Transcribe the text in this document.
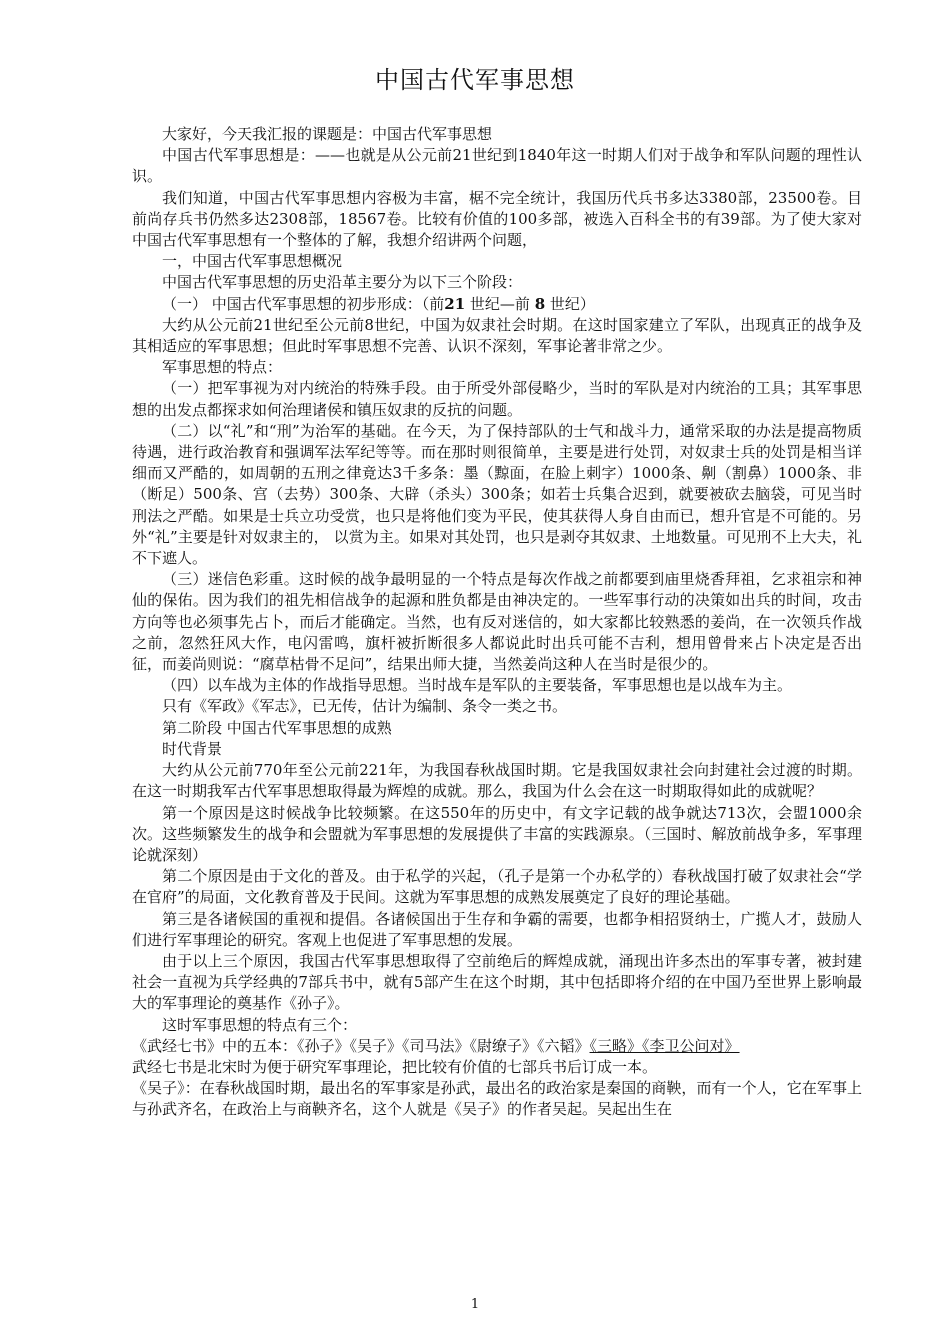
中国古代军事思想

大家好，今天我汇报的课题是：中国古代军事思想

中国古代军事思想是：——也就是从公元前21世纪到1840年这一时期人们对于战争和军队问题的理性认识。

我们知道，中国古代军事思想内容极为丰富，椐不完全统计，我国历代兵书多达3380部，23500卷。目前尚存兵书仍然多达2308部，18567卷。比较有价值的100多部，被选入百科全书的有39部。为了使大家对中国古代军事思想有一个整体的了解，我想介绍讲两个问题，

一，中国古代军事思想概况

中国古代军事思想的历史沿革主要分为以下三个阶段：

（一） 中国古代军事思想的初步形成：（前21 世纪—前 8 世纪）

大约从公元前21世纪至公元前8世纪，中国为奴隶社会时期。在这时国家建立了军队，出现真正的战争及其相适应的军事思想；但此时军事思想不完善、认识不深刻，军事论著非常之少。

军事思想的特点：

（一）把军事视为对内统治的特殊手段。由于所受外部侵略少，当时的军队是对内统治的工具；其军事思想的出发点都探求如何治理诸侯和镇压奴隶的反抗的问题。

（二）以“礼”和“刑”为治军的基础。在今天，为了保持部队的士气和战斗力，通常采取的办法是提高物质待遇，进行政治教育和强调军法军纪等等。而在那时则很简单，主要是进行处罚，对奴隶士兵的处罚是相当详细而又严酷的，如周朝的五刑之律竟达3千多条：墨（黥面，在脸上刺字）1000条、劓（割鼻）1000条、非（断足）500条、宫（去势）300条、大辟（杀头）300条；如若士兵集合迟到，就要被砍去脑袋，可见当时刑法之严酷。如果是士兵立功受赏，也只是将他们变为平民，使其获得人身自由而已，想升官是不可能的。另外“礼”主要是针对奴隶主的， 以赏为主。如果对其处罚，也只是剥夺其奴隶、土地数量。可见刑不上大夫，礼不下遮人。

（三）迷信色彩重。这时候的战争最明显的一个特点是每次作战之前都要到庙里烧香拜祖，乞求祖宗和神仙的保佑。因为我们的祖先相信战争的起源和胜负都是由神决定的。一些军事行动的决策如出兵的时间，攻击方向等也必须事先占卜，而后才能确定。当然，也有反对迷信的，如大家都比较熟悉的姜尚，在一次领兵作战之前，忽然狂风大作，电闪雷鸣，旗杆被折断很多人都说此时出兵可能不吉利，想用曾骨来占卜决定是否出征，而姜尚则说：“腐草枯骨不足问”，结果出师大捷，当然姜尚这种人在当时是很少的。

（四）以车战为主体的作战指导思想。当时战车是军队的主要装备，军事思想也是以战车为主。

只有《军政》《军志》，已无传，估计为编制、条令一类之书。

第二阶段 中国古代军事思想的成熟

时代背景

大约从公元前770年至公元前221年，为我国春秋战国时期。它是我国奴隶社会向封建社会过渡的时期。在这一时期我军古代军事思想取得最为辉煌的成就。那么，我国为什么会在这一时期取得如此的成就呢？

第一个原因是这时候战争比较频繁。在这550年的历史中，有文字记载的战争就达713次，会盟1000余次。这些频繁发生的战争和会盟就为军事思想的发展提供了丰富的实践源泉。（三国时、解放前战争多，军事理论就深刻）

第二个原因是由于文化的普及。由于私学的兴起，（孔子是第一个办私学的）春秋战国打破了奴隶社会“学在官府”的局面，文化教育普及于民间。这就为军事思想的成熟发展奠定了良好的理论基础。

第三是各诸候国的重视和提倡。各诸候国出于生存和争霸的需要，也都争相招贤纳士，广揽人才，鼓励人们进行军事理论的研究。客观上也促进了军事思想的发展。

由于以上三个原因，我国古代军事思想取得了空前绝后的辉煌成就，涌现出许多杰出的军事专著，被封建社会一直视为兵学经典的7部兵书中，就有5部产生在这个时期，其中包括即将介绍的在中国乃至世界上影响最大的军事理论的奠基作《孙子》。

这时军事思想的特点有三个：

《武经七书》中的五本：《孙子》《吴子》《司马法》《尉缭子》《六韬》《三略》《李卫公问对》

武经七书是北宋时为便于研究军事理论，把比较有价值的七部兵书后订成一本。

《吴子》：在春秋战国时期，最出名的军事家是孙武，最出名的政治家是秦国的商鞅，而有一个人，它在军事上与孙武齐名，在政治上与商鞅齐名，这个人就是《吴子》的作者吴起。吴起出生在

1
